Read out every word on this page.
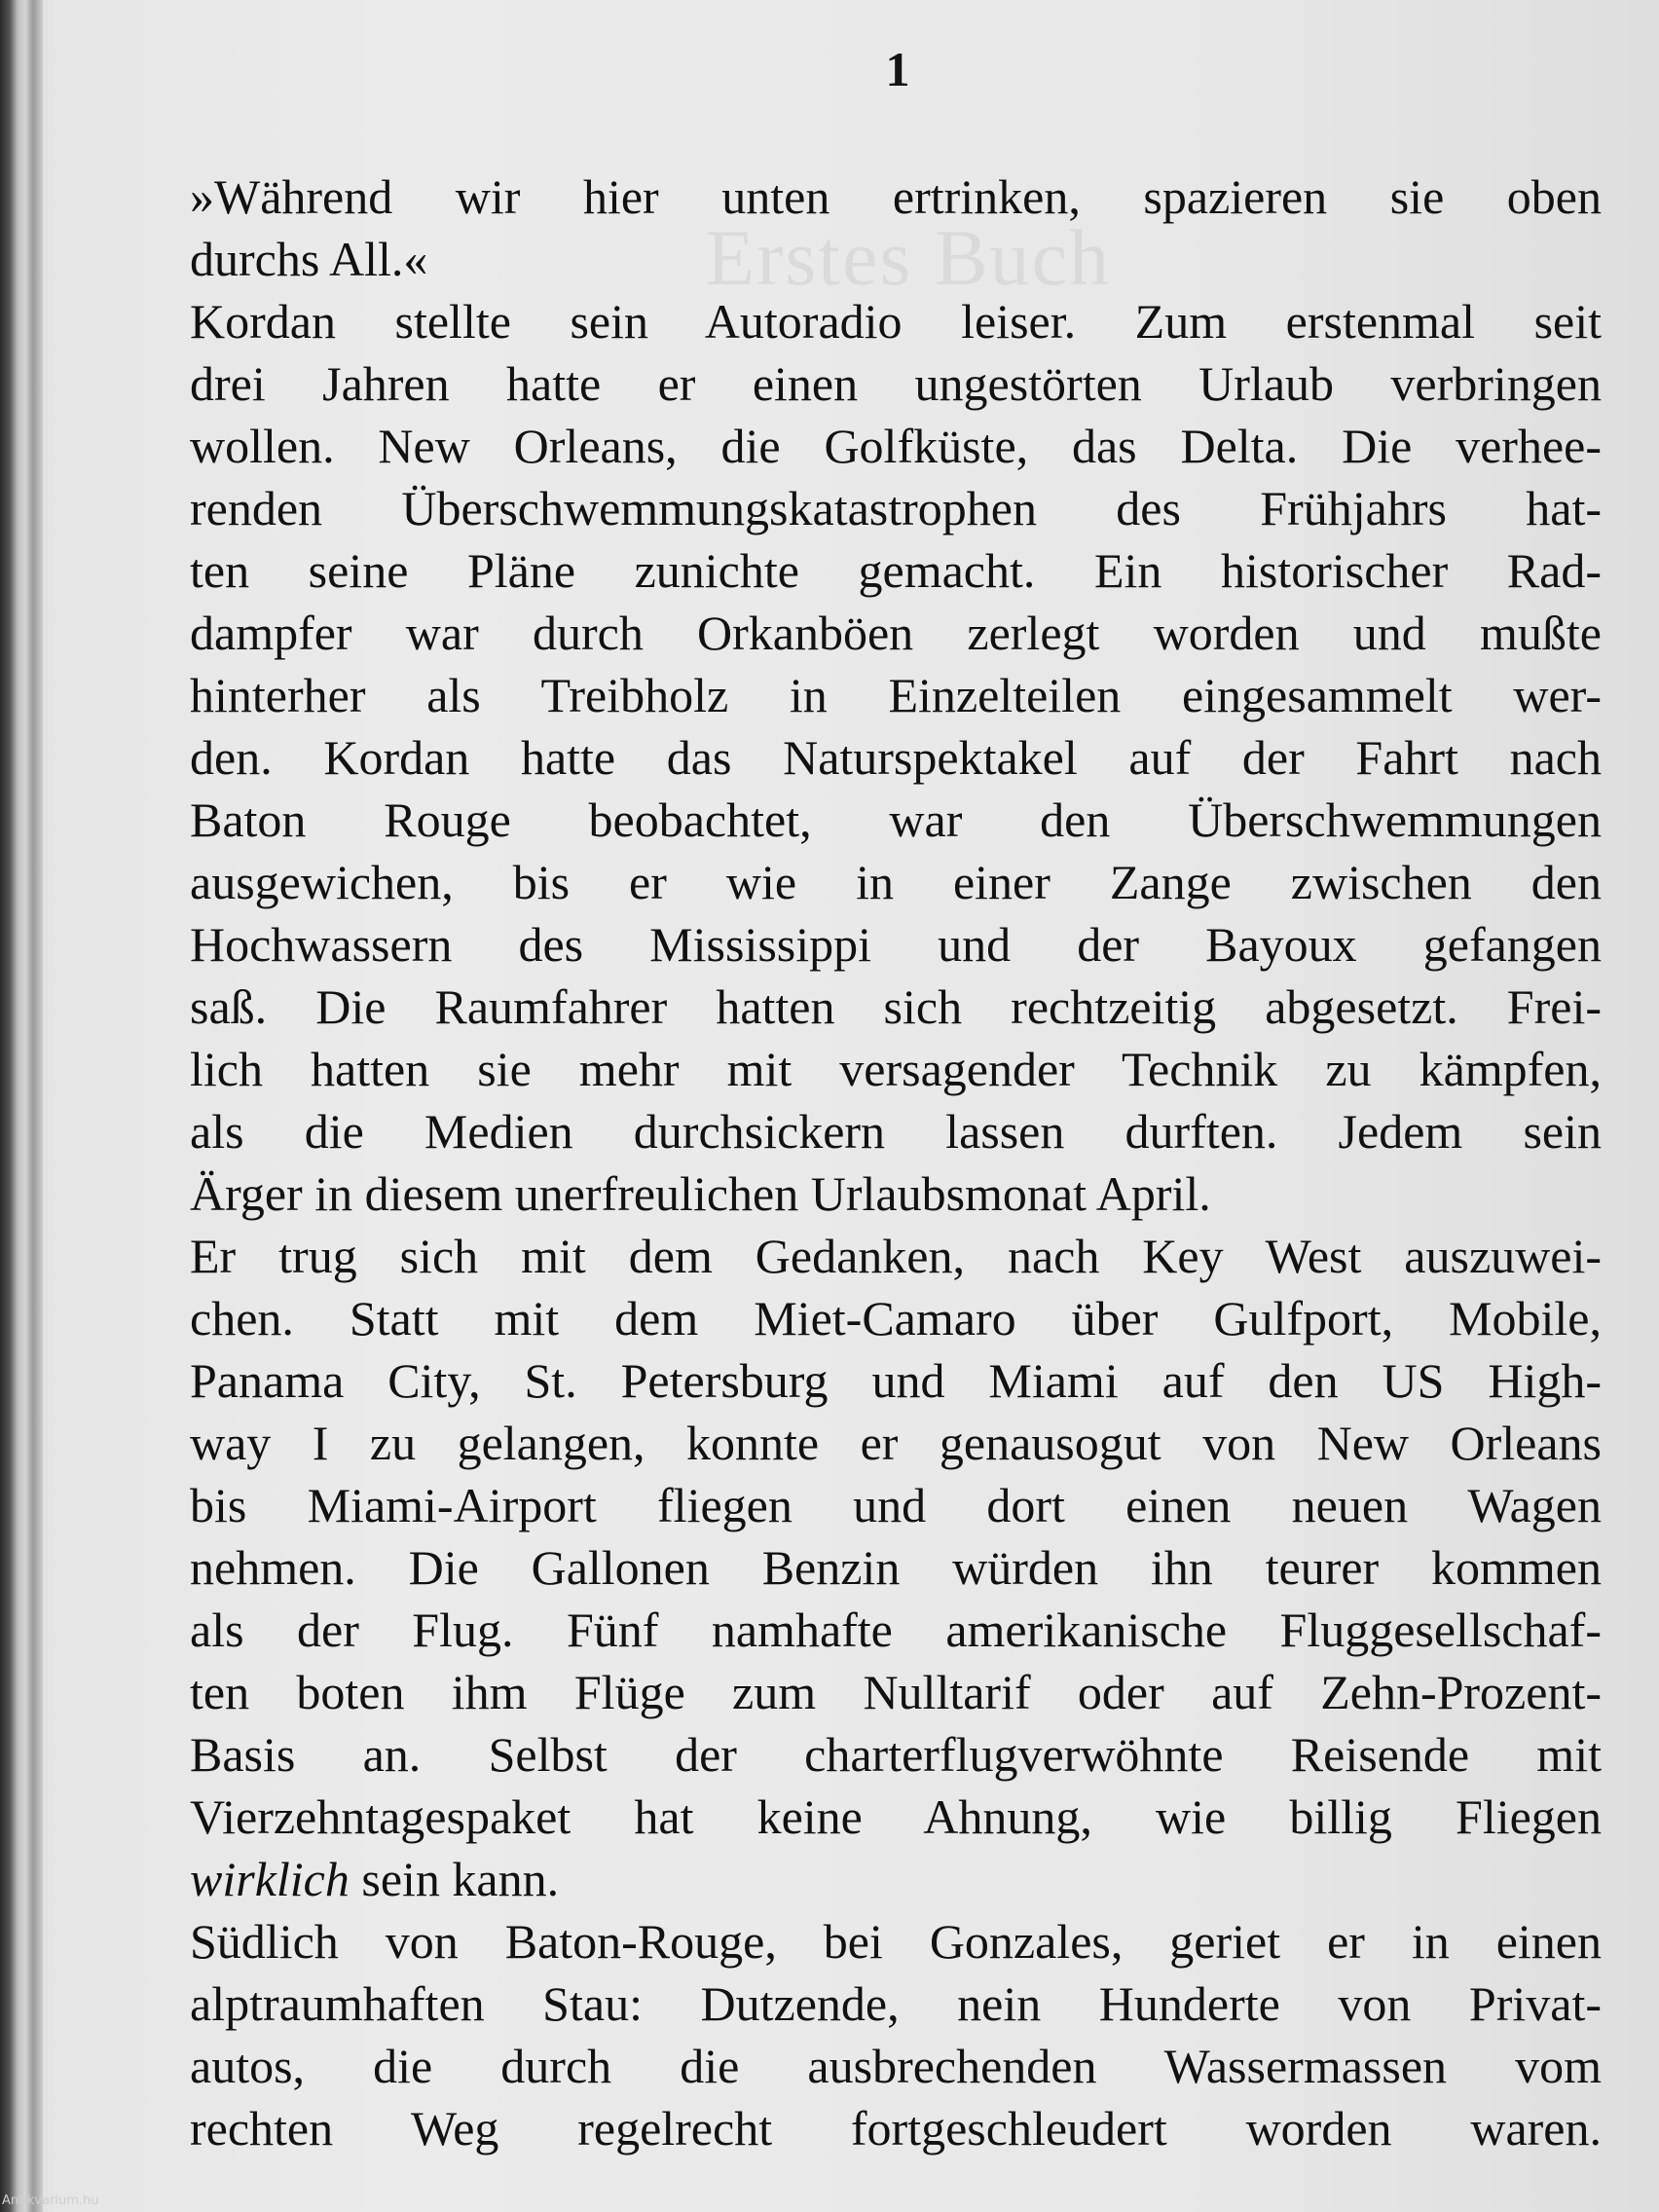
Erstes Buch
1
»Während wir hier unten ertrinken, spazieren sie oben
durchs All.«
Kordan stellte sein Autoradio leiser. Zum erstenmal seit
drei Jahren hatte er einen ungestörten Urlaub verbringen
wollen. New Orleans, die Golfküste, das Delta. Die verhee-
renden Überschwemmungskatastrophen des Frühjahrs hat-
ten seine Pläne zunichte gemacht. Ein historischer Rad-
dampfer war durch Orkanböen zerlegt worden und mußte
hinterher als Treibholz in Einzelteilen eingesammelt wer-
den. Kordan hatte das Naturspektakel auf der Fahrt nach
Baton Rouge beobachtet, war den Überschwemmungen
ausgewichen, bis er wie in einer Zange zwischen den
Hochwassern des Mississippi und der Bayoux gefangen
saß. Die Raumfahrer hatten sich rechtzeitig abgesetzt. Frei-
lich hatten sie mehr mit versagender Technik zu kämpfen,
als die Medien durchsickern lassen durften. Jedem sein
Ärger in diesem unerfreulichen Urlaubsmonat April.
Er trug sich mit dem Gedanken, nach Key West auszuwei-
chen. Statt mit dem Miet-Camaro über Gulfport, Mobile,
Panama City, St. Petersburg und Miami auf den US High-
way I zu gelangen, konnte er genausogut von New Orleans
bis Miami-Airport fliegen und dort einen neuen Wagen
nehmen. Die Gallonen Benzin würden ihn teurer kommen
als der Flug. Fünf namhafte amerikanische Fluggesellschaf-
ten boten ihm Flüge zum Nulltarif oder auf Zehn-Prozent-
Basis an. Selbst der charterflugverwöhnte Reisende mit
Vierzehntagespaket hat keine Ahnung, wie billig Fliegen
wirklich sein kann.
Südlich von Baton-Rouge, bei Gonzales, geriet er in einen
alptraumhaften Stau: Dutzende, nein Hunderte von Privat-
autos, die durch die ausbrechenden Wassermassen vom
rechten Weg regelrecht fortgeschleudert worden waren.
Antikvarium.hu
